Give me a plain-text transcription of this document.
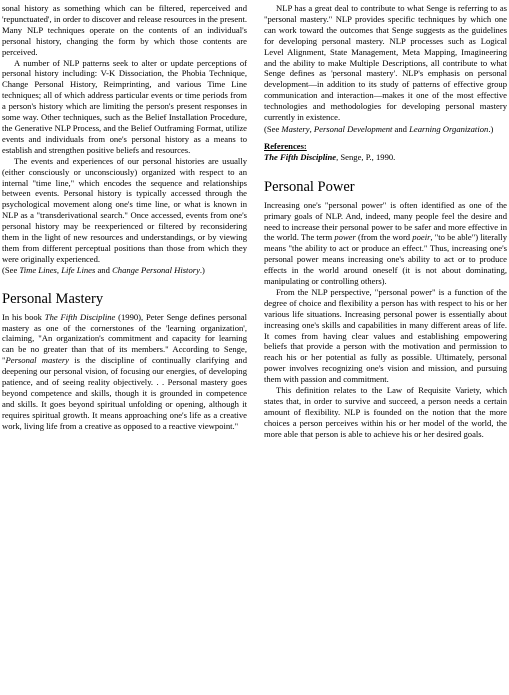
sonal history as something which can be filtered, reperceived and 'repunctuated', in order to discover and release resources in the present. Many NLP techniques operate on the contents of an individual's personal history, changing the form by which those contents are perceived.

A number of NLP patterns seek to alter or update perceptions of personal history including: V-K Dissociation, the Phobia Technique, Change Personal History, Reimprinting, and various Time Line techniques; all of which address particular events or time periods from a person's history which are limiting the person's present responses in some way. Other techniques, such as the Belief Installation Procedure, the Generative NLP Process, and the Belief Outframing Format, utilize events and individuals from one's personal history as a means to establish and strengthen positive beliefs and resources.

The events and experiences of our personal histories are usually (either consciously or unconsciously) organized with respect to an internal "time line," which encodes the sequence and relationships between events. Personal history is typically accessed through the psychological movement along one's time line, or what is known in NLP as a "transderivational search." Once accessed, events from one's personal history may be reexperienced or filtered by reconsidering them in the light of new resources and understandings, or by viewing them from different perceptual positions than those from which they were originally experienced.

(See Time Lines, Life Lines and Change Personal History.)

Personal Mastery

In his book The Fifth Discipline (1990), Peter Senge defines personal mastery as one of the cornerstones of the 'learning organization', claiming, "An organization's commitment and capacity for learning can be no greater than that of its members." According to Senge, "Personal mastery is the discipline of continually clarifying and deepening our personal vision, of focusing our energies, of developing patience, and of seeing reality objectively. . . Personal mastery goes beyond competence and skills, though it is grounded in competence and skills. It goes beyond spiritual unfolding or opening, although it requires spiritual growth. It means approaching one's life as a creative work, living life from a creative as opposed to a reactive viewpoint."

NLP has a great deal to contribute to what Senge is referring to as "personal mastery." NLP provides specific techniques by which one can work toward the outcomes that Senge suggests as the guidelines for developing personal mastery. NLP processes such as Logical Level Alignment, State Management, Meta Mapping, Imagineering and the ability to make Multiple Descriptions, all contribute to what Senge defines as 'personal mastery'. NLP's emphasis on personal development—in addition to its study of patterns of effective group communication and interaction—makes it one of the most effective technologies and methodologies for developing personal mastery currently in existence.

(See Mastery, Personal Development and Learning Organization.)

References:
The Fifth Discipline, Senge, P., 1990.
Personal Power

Increasing one's "personal power" is often identified as one of the primary goals of NLP. And, indeed, many people feel the desire and need to increase their personal power to be safer and more effective in the world. The term power (from the word poeir, "to be able") literally means "the ability to act or produce an effect." Thus, increasing one's personal power means increasing one's ability to act or to produce effects in the world around oneself (it is not about dominating, manipulating or controlling others).

From the NLP perspective, "personal power" is a function of the degree of choice and flexibility a person has with respect to his or her various life situations. Increasing personal power is essentially about increasing one's skills and capabilities in many different areas of life. It comes from having clear values and establishing empowering beliefs that provide a person with the motivation and permission to reach his or her potential as fully as possible. Ultimately, personal power involves recognizing one's vision and mission, and pursuing them with passion and commitment.

This definition relates to the Law of Requisite Variety, which states that, in order to survive and succeed, a person needs a certain amount of flexibility. NLP is founded on the notion that the more choices a person perceives within his or her model of the world, the more able that person is able to achieve his or her desired goals.
